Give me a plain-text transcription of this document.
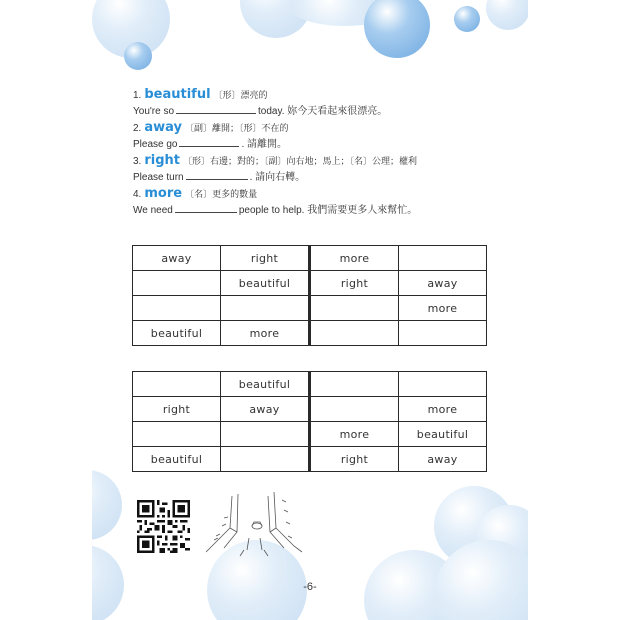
1. beautiful 〔形〕漂亮的
You're so	today. 妳今天看起來很漂亮。
2. away 〔副〕離開；〔形〕不在的
Please go	. 請離開。
3. right 〔形〕右邊；對的；〔副〕向右地；馬上；〔名〕公理；權利
Please turn	. 請向右轉。
4. more 〔名〕更多的數量
We need	people to help. 我們需要更多人來幫忙。
away	right	more	
	beautiful	right	away
			more
beautiful	more		
	beautiful		
right	away		more
		more	beautiful
beautiful		right	away
-6-
